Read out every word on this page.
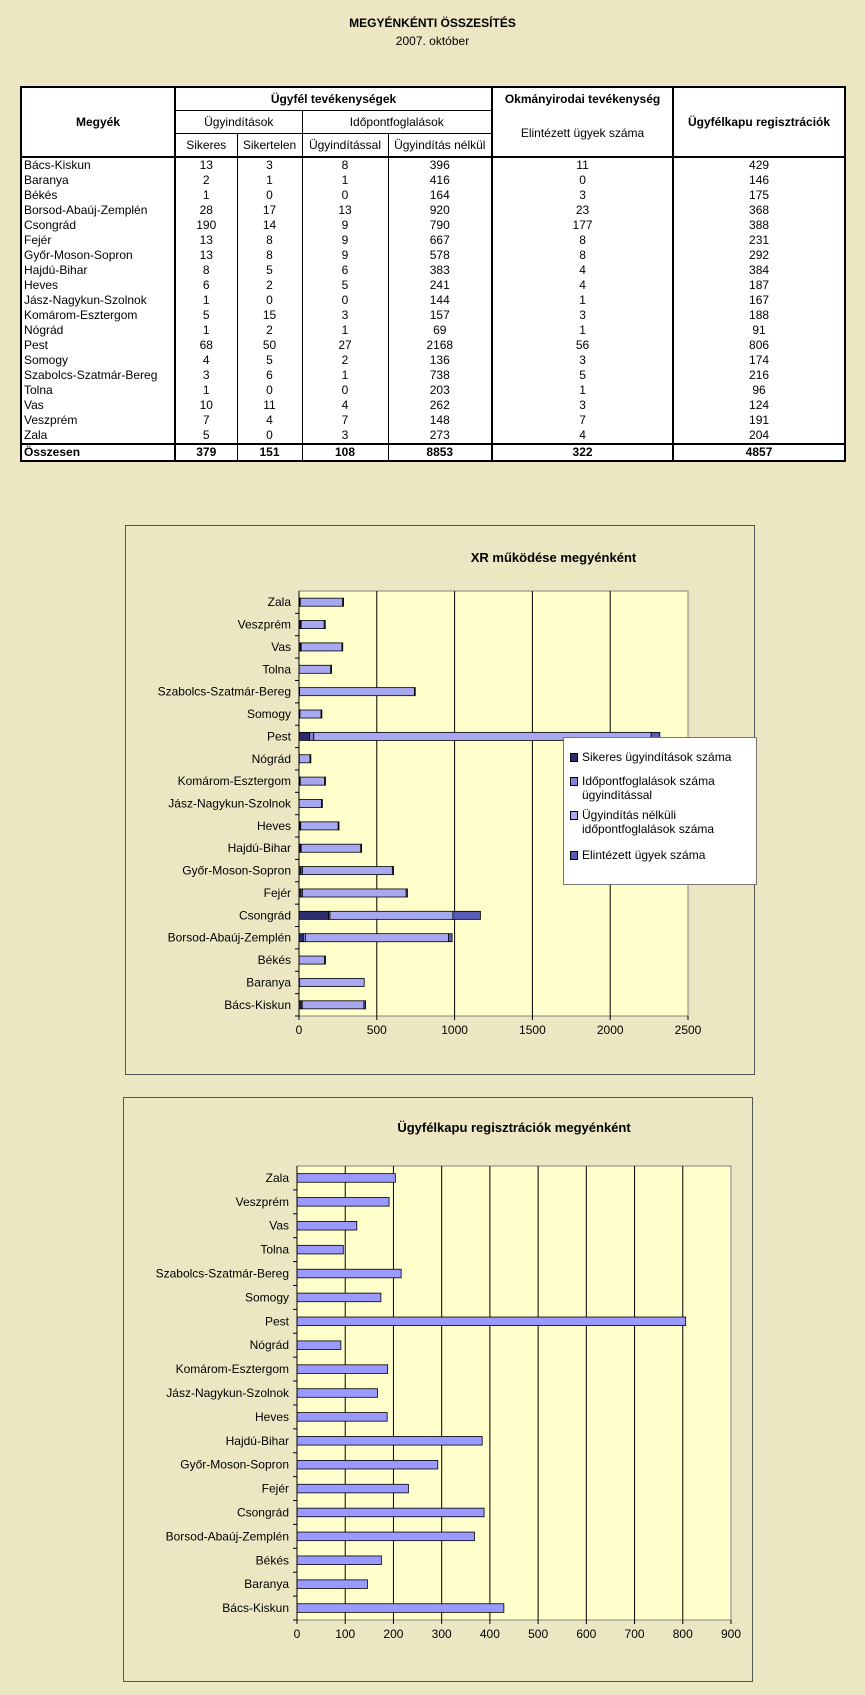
MEGYÉNKÉNTI ÖSSZESÍTÉS
2007. október
Megyék	Ügyfél tevékenységek				Okmányirodai tevékenység	Ügyfélkapu regisztrációk
	Ügyindítások		Időpontfoglalások		Elintézett ügyek száma	
	Sikeres	Sikertelen	Ügyindítással	Ügyindítás nélkül		
Bács-Kiskun	13	3	8	396	11	429
Baranya	2	1	1	416	0	146
Békés	1	0	0	164	3	175
Borsod-Abaúj-Zemplén	28	17	13	920	23	368
Csongrád	190	14	9	790	177	388
Fejér	13	8	9	667	8	231
Győr-Moson-Sopron	13	8	9	578	8	292
Hajdú-Bihar	8	5	6	383	4	384
Heves	6	2	5	241	4	187
Jász-Nagykun-Szolnok	1	0	0	144	1	167
Komárom-Esztergom	5	15	3	157	3	188
Nógrád	1	2	1	69	1	91
Pest	68	50	27	2168	56	806
Somogy	4	5	2	136	3	174
Szabolcs-Szatmár-Bereg	3	6	1	738	5	216
Tolna	1	0	0	203	1	96
Vas	10	11	4	262	3	124
Veszprém	7	4	7	148	7	191
Zala	5	0	3	273	4	204
Összesen	379	151	108	8853	322	4857
XR működése megyénként
0	500	1000	1500	2000	2500
Bács-Kiskun
Baranya
Békés
Borsod-Abaúj-Zemplén
Csongrád
Fejér
Győr-Moson-Sopron
Hajdú-Bihar
Heves
Jász-Nagykun-Szolnok
Komárom-Esztergom
Nógrád
Pest
Somogy
Szabolcs-Szatmár-Bereg
Tolna
Vas
Veszprém
Zala
Sikeres ügyindítások száma
Időpontfoglalások száma ügyindítással
Ügyindítás nélküli időpontfoglalások száma
Elintézett ügyek száma
Ügyfélkapu regisztrációk megyénként
0	100 200 300 400 500 600 700 800 900
Bács-Kiskun
Baranya
Békés
Borsod-Abaúj-Zemplén
Csongrád
Fejér
Győr-Moson-Sopron
Hajdú-Bihar
Heves
Jász-Nagykun-Szolnok
Komárom-Esztergom
Nógrád
Pest
Somogy
Szabolcs-Szatmár-Bereg
Tolna
Vas
Veszprém
Zala
